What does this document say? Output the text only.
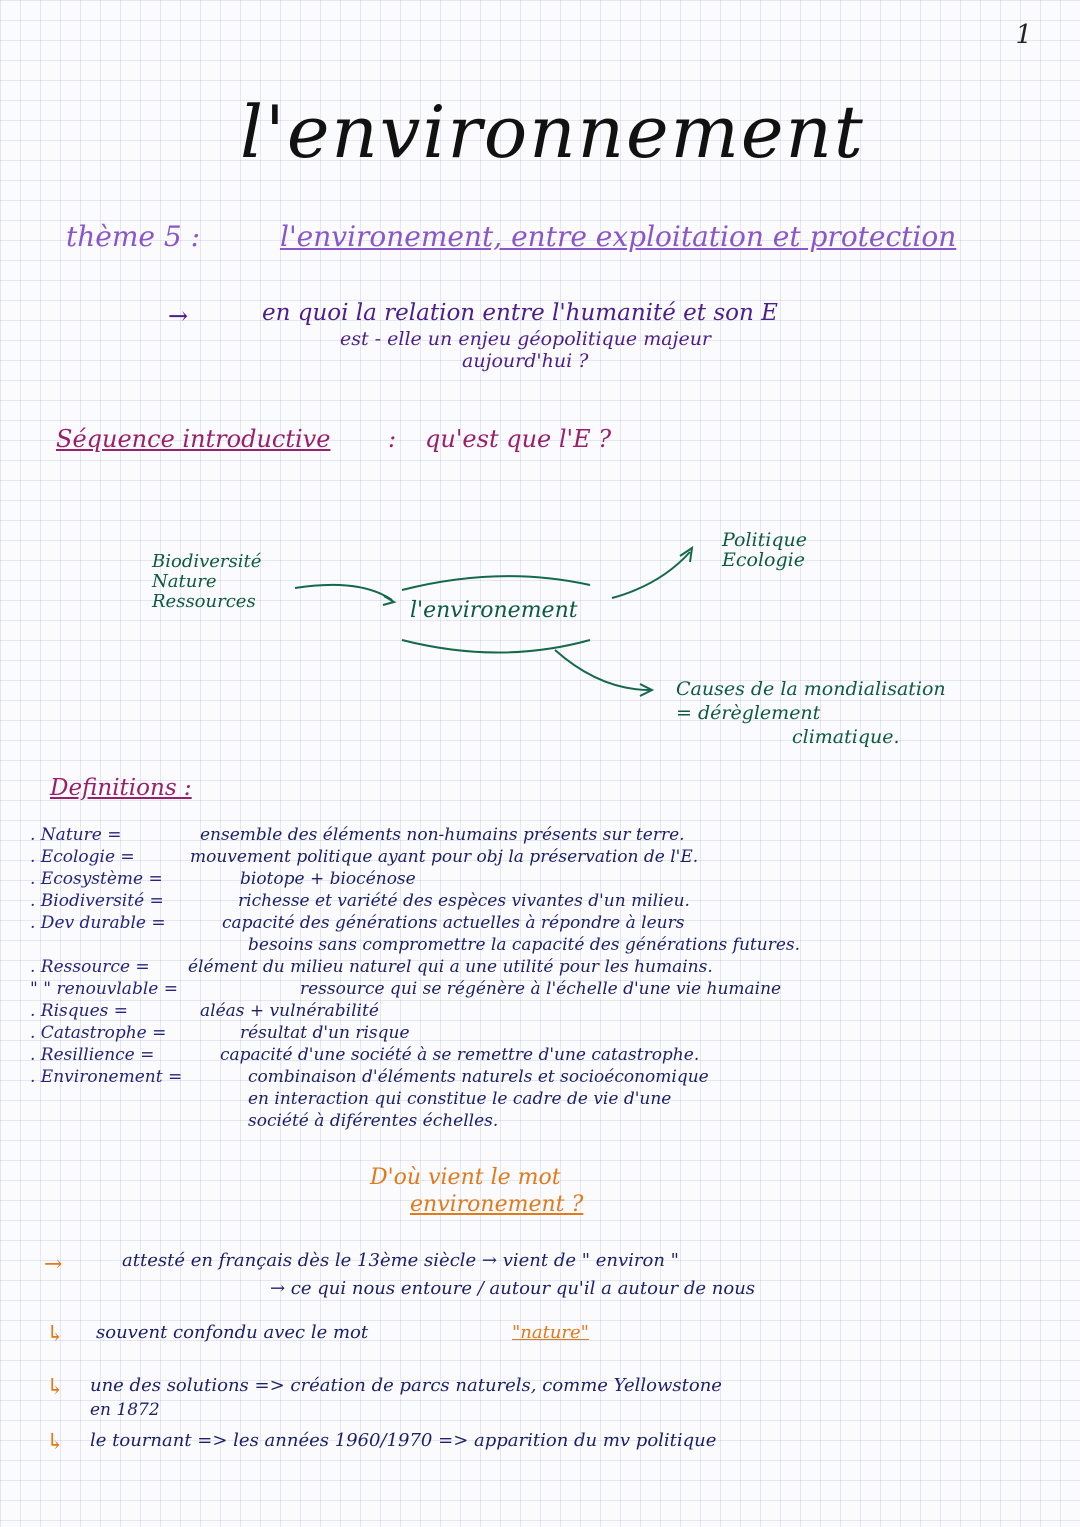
1
l'environnement
thème 5 :	l'environement, entre exploitation et protection
→	en quoi la relation entre l'humanité et son E
est - elle un enjeu géopolitique majeur
aujourd'hui ?
Séquence introductive : qu'est que l'E ?
Biodiversité
Nature
Ressources	l'environement
Politique
Ecologie
Causes de la mondialisation
= dérèglement
climatique.
Definitions :
. Nature =	ensemble des éléments non-humains présents sur terre.
. Ecologie =	mouvement politique ayant pour obj la préservation de l'E.
. Ecosystème =	biotope + biocénose
. Biodiversité =	richesse et variété des espèces vivantes d'un milieu.
. Dev durable =	capacité des générations actuelles à répondre à leurs
besoins sans compromettre la capacité des générations futures.
. Ressource = élément du milieu naturel qui a une utilité pour les humains.
" " renouvlable =	ressource qui se régénère à l'échelle d'une vie humaine
. Risques =	aléas + vulnérabilité
. Catastrophe =	résultat d'un risque
. Resillience =	capacité d'une société à se remettre d'une catastrophe.
. Environement =	combinaison d'éléments naturels et socioéconomique
en interaction qui constitue le cadre de vie d'une
société à diférentes échelles.
D'où vient le mot
environement ?
→	attesté en français dès le 13ème siècle → vient de " environ "
→ ce qui nous entoure / autour qu'il a autour de nous
↳ souvent confondu avec le mot	"nature"
↳ une des solutions => création de parcs naturels, comme Yellowstone
en 1872
↳ le tournant => les années 1960/1970 => apparition du mv politique
